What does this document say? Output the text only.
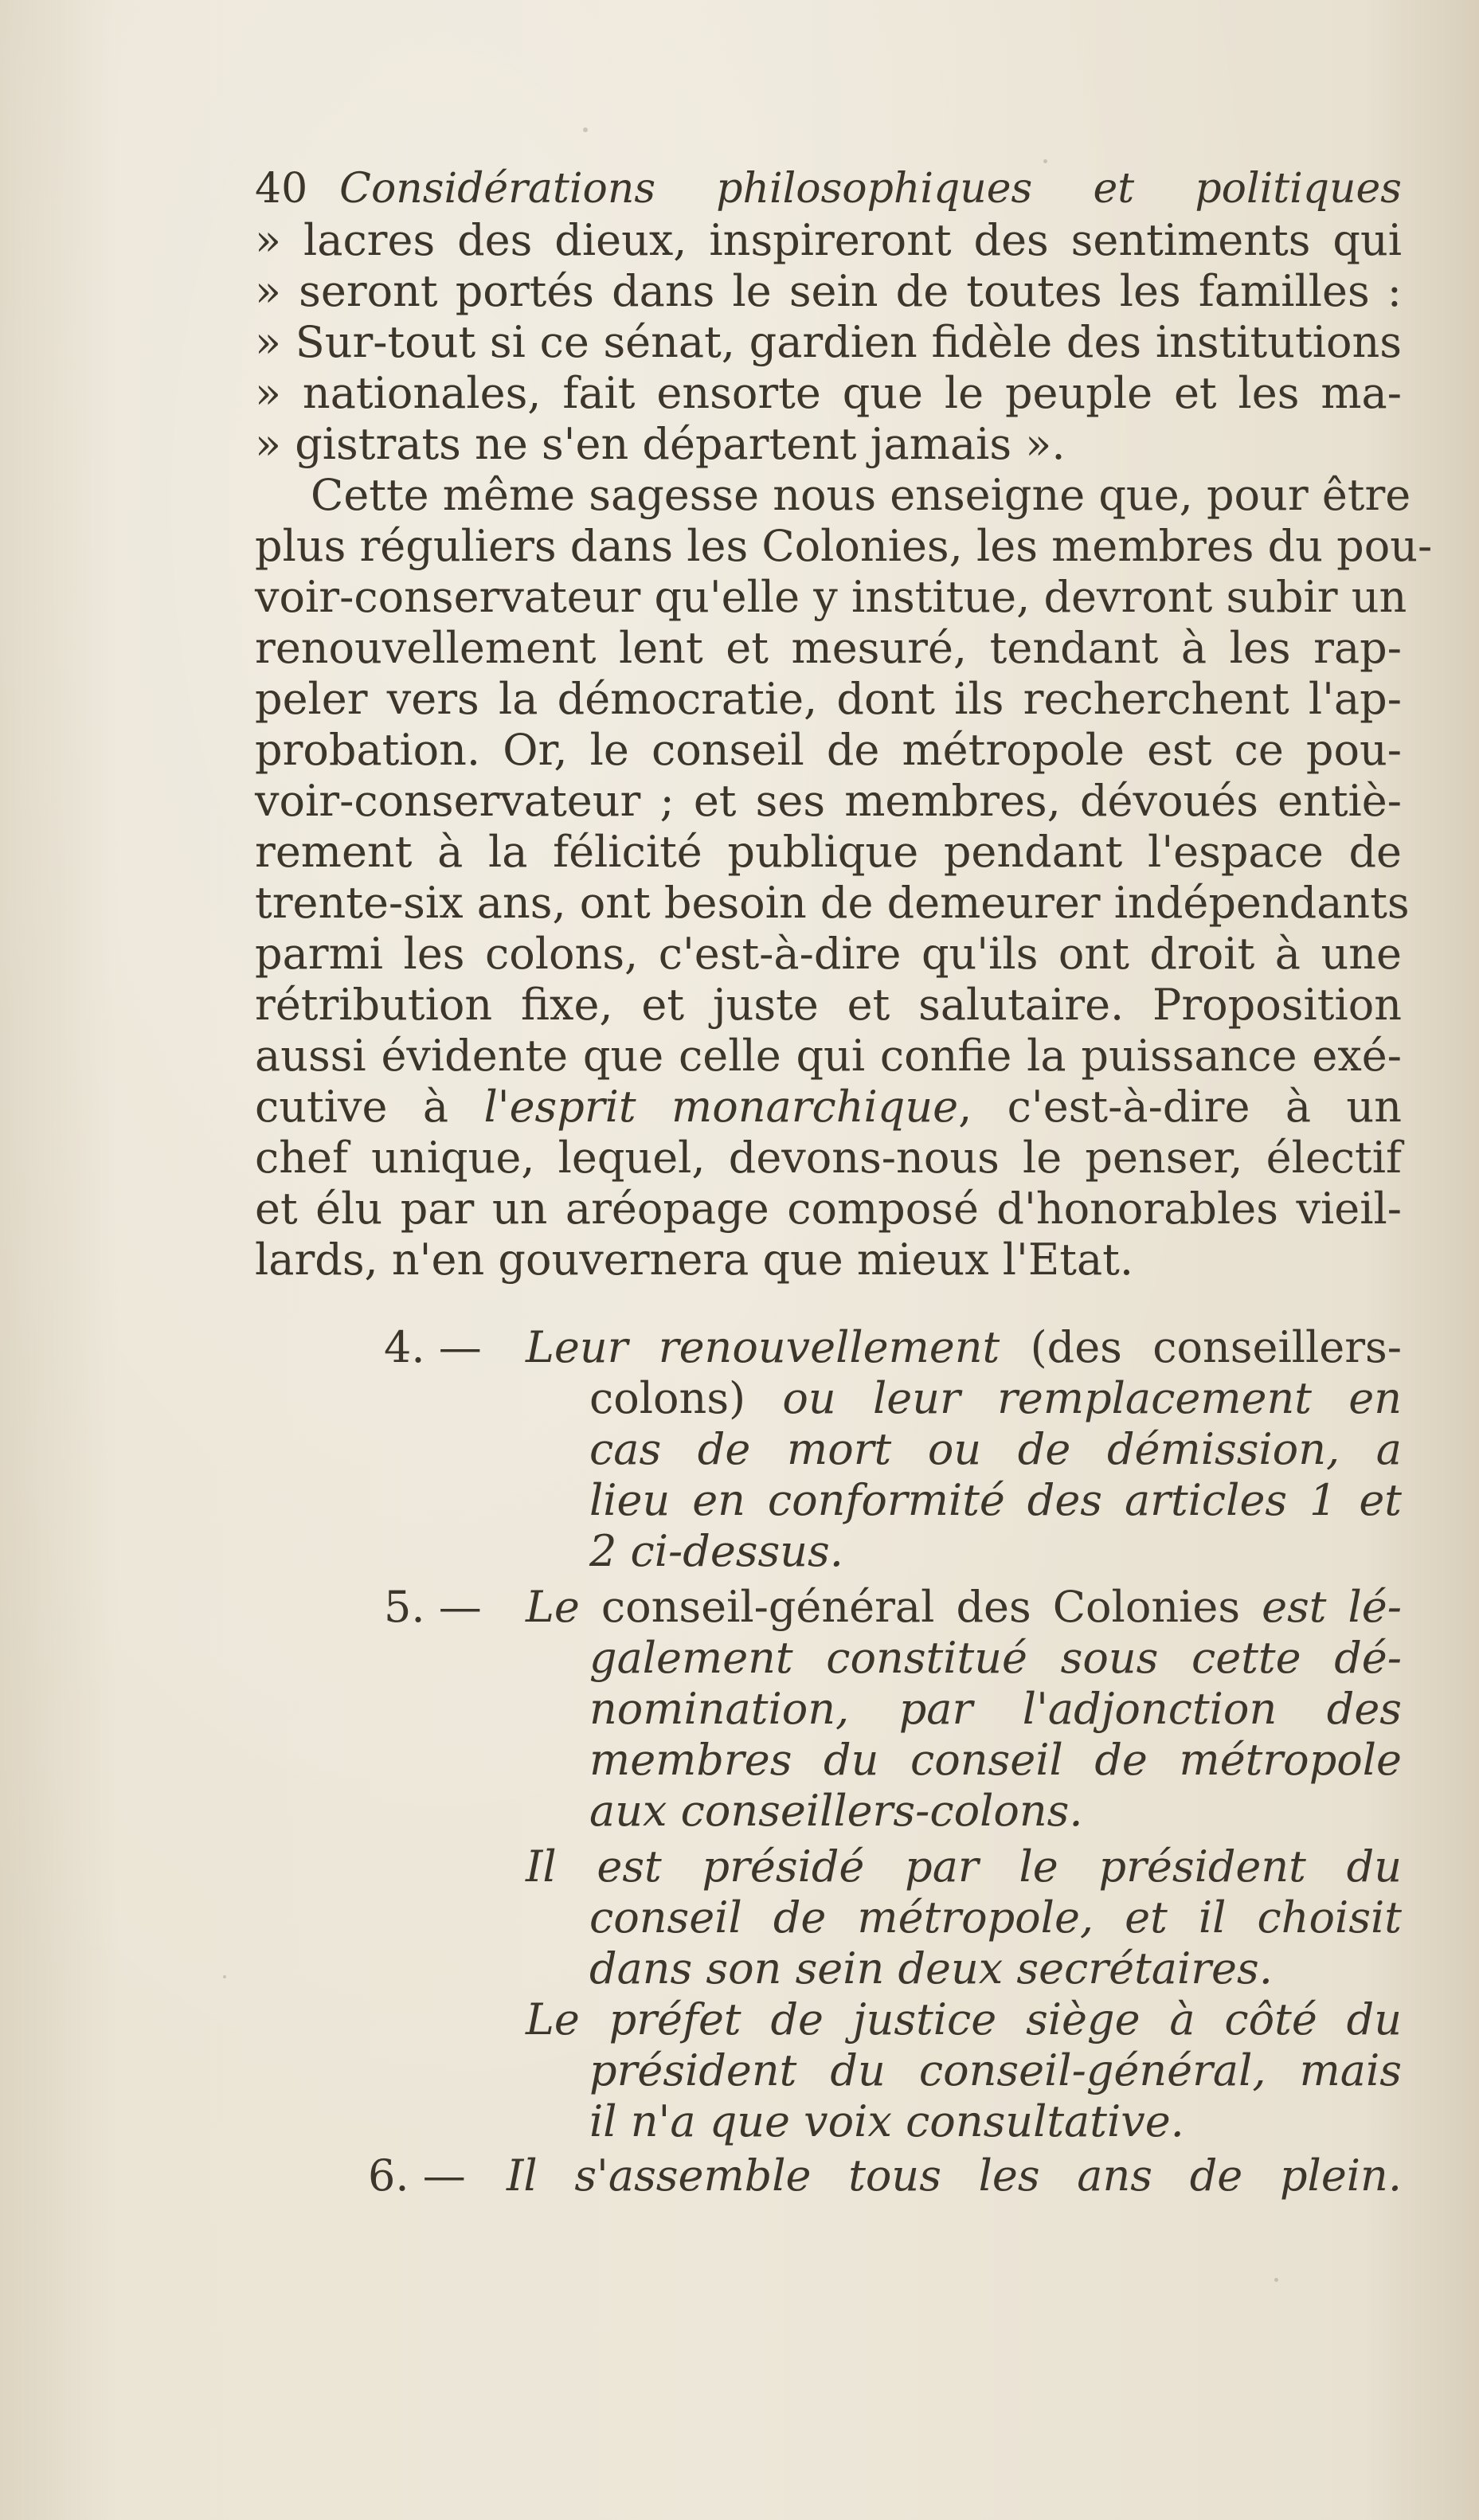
40 Considérations philosophiques et politiques
» lacres des dieux, inspireront des sentiments qui
» seront portés dans le sein de toutes les familles :
» Sur-tout si ce sénat, gardien fidèle des institutions
» nationales, fait ensorte que le peuple et les ma-
» gistrats ne s'en départent jamais ».
Cette même sagesse nous enseigne que, pour être
plus réguliers dans les Colonies, les membres du pou-
voir-conservateur qu'elle y institue, devront subir un
renouvellement lent et mesuré, tendant à les rap-
peler vers la démocratie, dont ils recherchent l'ap-
probation. Or, le conseil de métropole est ce pou-
voir-conservateur ; et ses membres, dévoués entiè-
rement à la félicité publique pendant l'espace de
trente-six ans, ont besoin de demeurer indépendants
parmi les colons, c'est-à-dire qu'ils ont droit à une
rétribution fixe, et juste et salutaire. Proposition
aussi évidente que celle qui confie la puissance exé-
cutive à l'esprit monarchique, c'est-à-dire à un
chef unique, lequel, devons-nous le penser, électif
et élu par un aréopage composé d'honorables vieil-
lards, n'en gouvernera que mieux l'Etat.
4. — Leur renouvellement (des conseillers-
colons) ou leur remplacement en
cas de mort ou de démission, a
lieu en conformité des articles 1 et
2 ci-dessus.
5. — Le conseil-général des Colonies est lé-
galement constitué sous cette dé-
nomination, par l'adjonction des
membres du conseil de métropole
aux conseillers-colons.
Il est présidé par le président du
conseil de métropole, et il choisit
dans son sein deux secrétaires.
Le préfet de justice siège à côté du
président du conseil-général, mais
il n'a que voix consultative.
6. — Il s'assemble tous les ans de plein.
